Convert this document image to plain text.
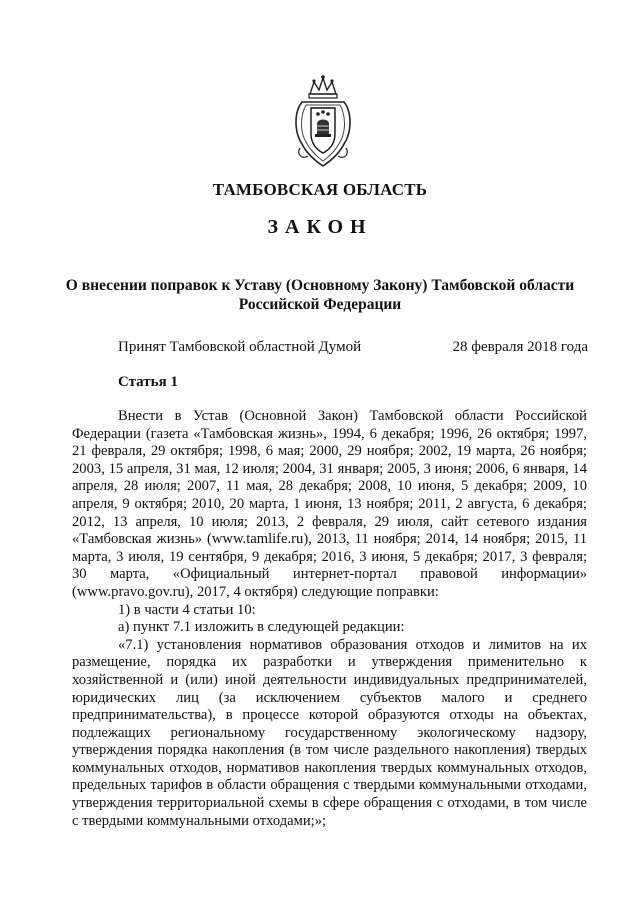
ТАМБОВСКАЯ ОБЛАСТЬ
ЗАКОН
О внесении поправок к Уставу (Основному Закону) Тамбовской области
Российской Федерации
Принят Тамбовской областной Думой	28 февраля 2018 года
Статья 1

Внести в Устав (Основной Закон) Тамбовской области Российской Федерации (газета «Тамбовская жизнь», 1994, 6 декабря; 1996, 26 октября; 1997, 21 февраля, 29 октября; 1998, 6 мая; 2000, 29 ноября; 2002, 19 марта, 26 ноября; 2003, 15 апреля, 31 мая, 12 июля; 2004, 31 января; 2005, 3 июня; 2006, 6 января, 14 апреля, 28 июля; 2007, 11 мая, 28 декабря; 2008, 10 июня, 5 декабря; 2009, 10 апреля, 9 октября; 2010, 20 марта, 1 июня, 13 ноября; 2011, 2 августа, 6 декабря; 2012, 13 апреля, 10 июля; 2013, 2 февраля, 29 июля, сайт сетевого издания «Тамбовская жизнь» (www.tamlife.ru), 2013, 11 ноября; 2014, 14 ноября; 2015, 11 марта, 3 июля, 19 сентября, 9 декабря; 2016, 3 июня, 5 декабря; 2017, 3 февраля; 30 марта, «Официальный интернет-портал правовой информации» (www.pravo.gov.ru), 2017, 4 октября) следующие поправки:

1) в части 4 статьи 10:

а) пункт 7.1 изложить в следующей редакции:

«7.1) установления нормативов образования отходов и лимитов на их размещение, порядка их разработки и утверждения применительно к хозяйственной и (или) иной деятельности индивидуальных предпринимателей, юридических лиц (за исключением субъектов малого и среднего предпринимательства), в процессе которой образуются отходы на объектах, подлежащих региональному государственному экологическому надзору, утверждения порядка накопления (в том числе раздельного накопления) твердых коммунальных отходов, нормативов накопления твердых коммунальных отходов, предельных тарифов в области обращения с твердыми коммунальными отходами, утверждения территориальной схемы в сфере обращения с отходами, в том числе с твердыми коммунальными отходами;»;
